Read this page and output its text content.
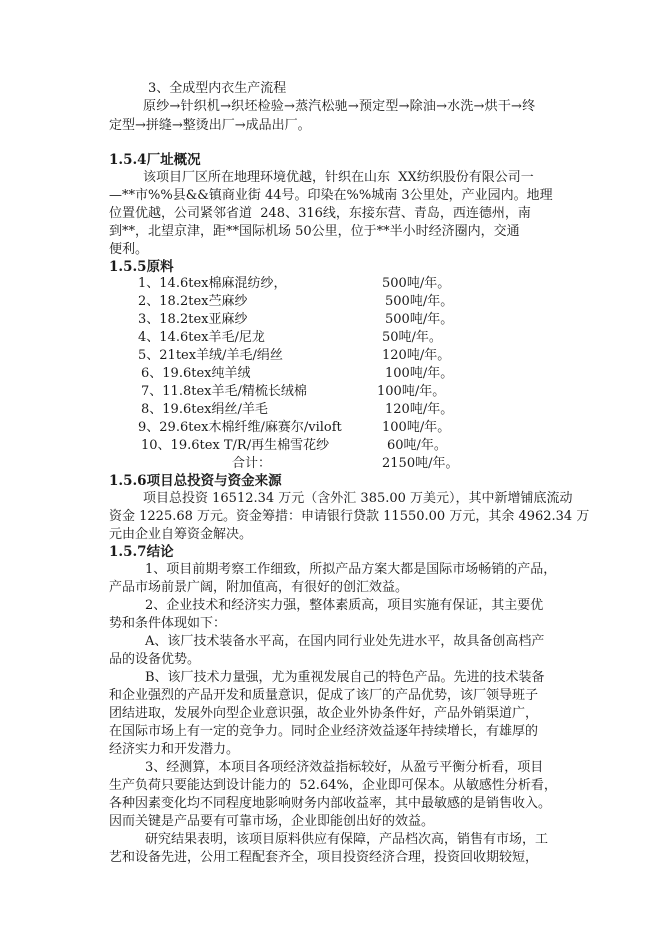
3、全成型内衣生产流程
原纱→针织机→织坯检验→蒸汽松驰→预定型→除油→水洗→烘干→终
定型→拼缝→整烫出厂→成品出厂。
1.5.4厂址概况
该项目厂区所在地理环境优越，针织在山东  XX纺织股份有限公司一
—**市%%县&&镇商业街 44号。印染在%%城南 3公里处，产业园内。地理
位置优越，公司紧邻省道  248、316线，东接东营、青岛，西连德州，南
到**，北望京津，距**国际机场 50公里，位于**半小时经济圈内，交通
便利。
1.5.5原料
1、14.6tex棉麻混纺纱，	500吨/年。
2、18.2tex苎麻纱	500吨/年。
3、18.2tex亚麻纱	500吨/年。
4、14.6tex羊毛/尼龙	50吨/年。
5、21tex羊绒/羊毛/绢丝	120吨/年。
6、19.6tex纯羊绒	100吨/年。
7、11.8tex羊毛/精梳长绒棉	100吨/年。
8、19.6tex绢丝/羊毛	120吨/年。
9、29.6tex木棉纤维/麻赛尔/viloft	100吨/年。
10、19.6tex T/R/再生棉雪花纱	60吨/年。
合计：	2150吨/年。
1.5.6项目总投资与资金来源
项目总投资 16512.34 万元（含外汇 385.00 万美元），其中新增铺底流动
资金 1225.68 万元。资金筹措：申请银行贷款 11550.00 万元，其余 4962.34 万
元由企业自筹资金解决。
1.5.7结论
1、项目前期考察工作细致，所拟产品方案大都是国际市场畅销的产品，
产品市场前景广阔，附加值高，有很好的创汇效益。
2、企业技术和经济实力强，整体素质高，项目实施有保证，其主要优
势和条件体现如下：
A、该厂技术装备水平高，在国内同行业处先进水平，故具备创高档产
品的设备优势。
B、该厂技术力量强，尤为重视发展自己的特色产品。先进的技术装备
和企业强烈的产品开发和质量意识，促成了该厂的产品优势，该厂领导班子
团结进取，发展外向型企业意识强，故企业外协条件好，产品外销渠道广，
在国际市场上有一定的竞争力。同时企业经济效益逐年持续增长，有雄厚的
经济实力和开发潜力。
3、经测算，本项目各项经济效益指标较好，从盈亏平衡分析看，项目
生产负荷只要能达到设计能力的  52.64%，企业即可保本。从敏感性分析看，
各种因素变化均不同程度地影响财务内部收益率，其中最敏感的是销售收入。
因而关键是产品要有可靠市场，企业即能创出好的效益。
研究结果表明，该项目原料供应有保障，产品档次高，销售有市场，工
艺和设备先进，公用工程配套齐全，项目投资经济合理，投资回收期较短，
